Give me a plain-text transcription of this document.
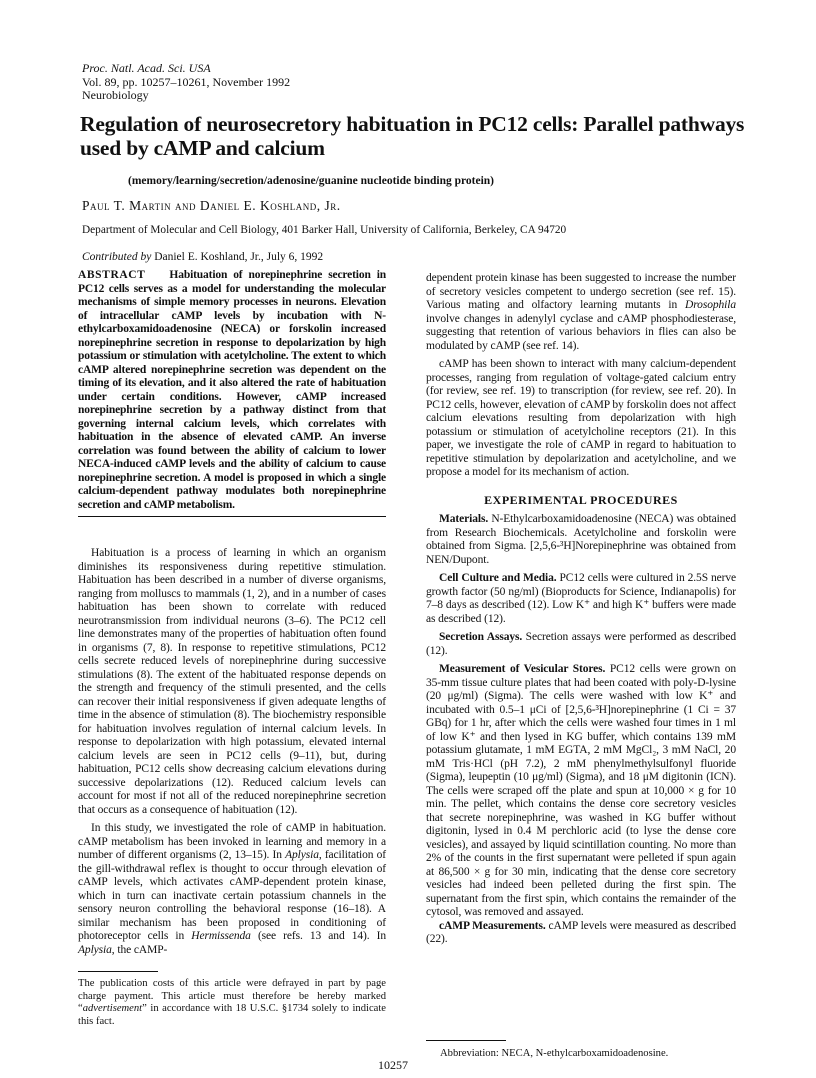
Proc. Natl. Acad. Sci. USA
Vol. 89, pp. 10257–10261, November 1992
Neurobiology
Regulation of neurosecretory habituation in PC12 cells: Parallel pathways used by cAMP and calcium
(memory/learning/secretion/adenosine/guanine nucleotide binding protein)
Paul T. Martin and Daniel E. Koshland, Jr.
Department of Molecular and Cell Biology, 401 Barker Hall, University of California, Berkeley, CA 94720
Contributed by Daniel E. Koshland, Jr., July 6, 1992

ABSTRACT Habituation of norepinephrine secretion in PC12 cells serves as a model for understanding the molecular mechanisms of simple memory processes in neurons. Elevation of intracellular cAMP levels by incubation with N-ethylcarboxamidoadenosine (NECA) or forskolin increased norepinephrine secretion in response to depolarization by high potassium or stimulation with acetylcholine. The extent to which cAMP altered norepinephrine secretion was dependent on the timing of its elevation, and it also altered the rate of habituation under certain conditions. However, cAMP increased norepinephrine secretion by a pathway distinct from that governing internal calcium levels, which correlates with habituation in the absence of elevated cAMP. An inverse correlation was found between the ability of calcium to lower NECA-induced cAMP levels and the ability of calcium to cause norepinephrine secretion. A model is proposed in which a single calcium-dependent pathway modulates both norepinephrine secretion and cAMP metabolism.

Habituation is a process of learning in which an organism diminishes its responsiveness during repetitive stimulation. Habituation has been described in a number of diverse organisms, ranging from molluscs to mammals (1, 2), and in a number of cases habituation has been shown to correlate with reduced neurotransmission from individual neurons (3–6). The PC12 cell line demonstrates many of the properties of habituation often found in organisms (7, 8). In response to repetitive stimulations, PC12 cells secrete reduced levels of norepinephrine during successive stimulations (8). The extent of the habituated response depends on the strength and frequency of the stimuli presented, and the cells can recover their initial responsiveness if given adequate lengths of time in the absence of stimulation (8). The biochemistry responsible for habituation involves regulation of internal calcium levels. In response to depolarization with high potassium, elevated internal calcium levels are seen in PC12 cells (9–11), but, during habituation, PC12 cells show decreasing calcium elevations during successive depolarizations (12). Reduced calcium levels can account for most if not all of the reduced norepinephrine secretion that occurs as a consequence of habituation (12).

In this study, we investigated the role of cAMP in habituation. cAMP metabolism has been invoked in learning and memory in a number of different organisms (2, 13–15). In Aplysia, facilitation of the gill-withdrawal reflex is thought to occur through elevation of cAMP levels, which activates cAMP-dependent protein kinase, which in turn can inactivate certain potassium channels in the sensory neuron controlling the behavioral response (16–18). A similar mechanism has been proposed in conditioning of photoreceptor cells in Hermissenda (see refs. 13 and 14). In Aplysia, the cAMP-

dependent protein kinase has been suggested to increase the number of secretory vesicles competent to undergo secretion (see ref. 15). Various mating and olfactory learning mutants in Drosophila involve changes in adenylyl cyclase and cAMP phosphodiesterase, suggesting that retention of various behaviors in flies can also be modulated by cAMP (see ref. 14).

cAMP has been shown to interact with many calcium-dependent processes, ranging from regulation of voltage-gated calcium entry (for review, see ref. 19) to transcription (for review, see ref. 20). In PC12 cells, however, elevation of cAMP by forskolin does not affect calcium elevations resulting from depolarization with high potassium or stimulation of acetylcholine receptors (21). In this paper, we investigate the role of cAMP in regard to habituation to repetitive stimulation by depolarization and acetylcholine, and we propose a model for its mechanism of action.

EXPERIMENTAL PROCEDURES

Materials. N-Ethylcarboxamidoadenosine (NECA) was obtained from Research Biochemicals. Acetylcholine and forskolin were obtained from Sigma. [2,5,6-³H]Norepinephrine was obtained from NEN/Dupont.

Cell Culture and Media. PC12 cells were cultured in 2.5S nerve growth factor (50 ng/ml) (Bioproducts for Science, Indianapolis) for 7–8 days as described (12). Low K⁺ and high K⁺ buffers were made as described (12).

Secretion Assays. Secretion assays were performed as described (12).

Measurement of Vesicular Stores. PC12 cells were grown on 35-mm tissue culture plates that had been coated with poly-D-lysine (20 μg/ml) (Sigma). The cells were washed with low K⁺ and incubated with 0.5–1 μCi of [2,5,6-³H]norepinephrine (1 Ci = 37 GBq) for 1 hr, after which the cells were washed four times in 1 ml of low K⁺ and then lysed in KG buffer, which contains 139 mM potassium glutamate, 1 mM EGTA, 2 mM MgCl₂, 3 mM NaCl, 20 mM Tris·HCl (pH 7.2), 2 mM phenylmethylsulfonyl fluoride (Sigma), leupeptin (10 μg/ml) (Sigma), and 18 μM digitonin (ICN). The cells were scraped off the plate and spun at 10,000 × g for 10 min. The pellet, which contains the dense core secretory vesicles that secrete norepinephrine, was washed in KG buffer without digitonin, lysed in 0.4 M perchloric acid (to lyse the dense core vesicles), and assayed by liquid scintillation counting. No more than 2% of the counts in the first supernatant were pelleted if spun again at 86,500 × g for 30 min, indicating that the dense core secretory vesicles had indeed been pelleted during the first spin. The supernatant from the first spin, which contains the remainder of the cytosol, was removed and assayed.

cAMP Measurements. cAMP levels were measured as described (22).

The publication costs of this article were defrayed in part by page charge payment. This article must therefore be hereby marked “advertisement” in accordance with 18 U.S.C. §1734 solely to indicate this fact.
Abbreviation: NECA, N-ethylcarboxamidoadenosine.
10257
